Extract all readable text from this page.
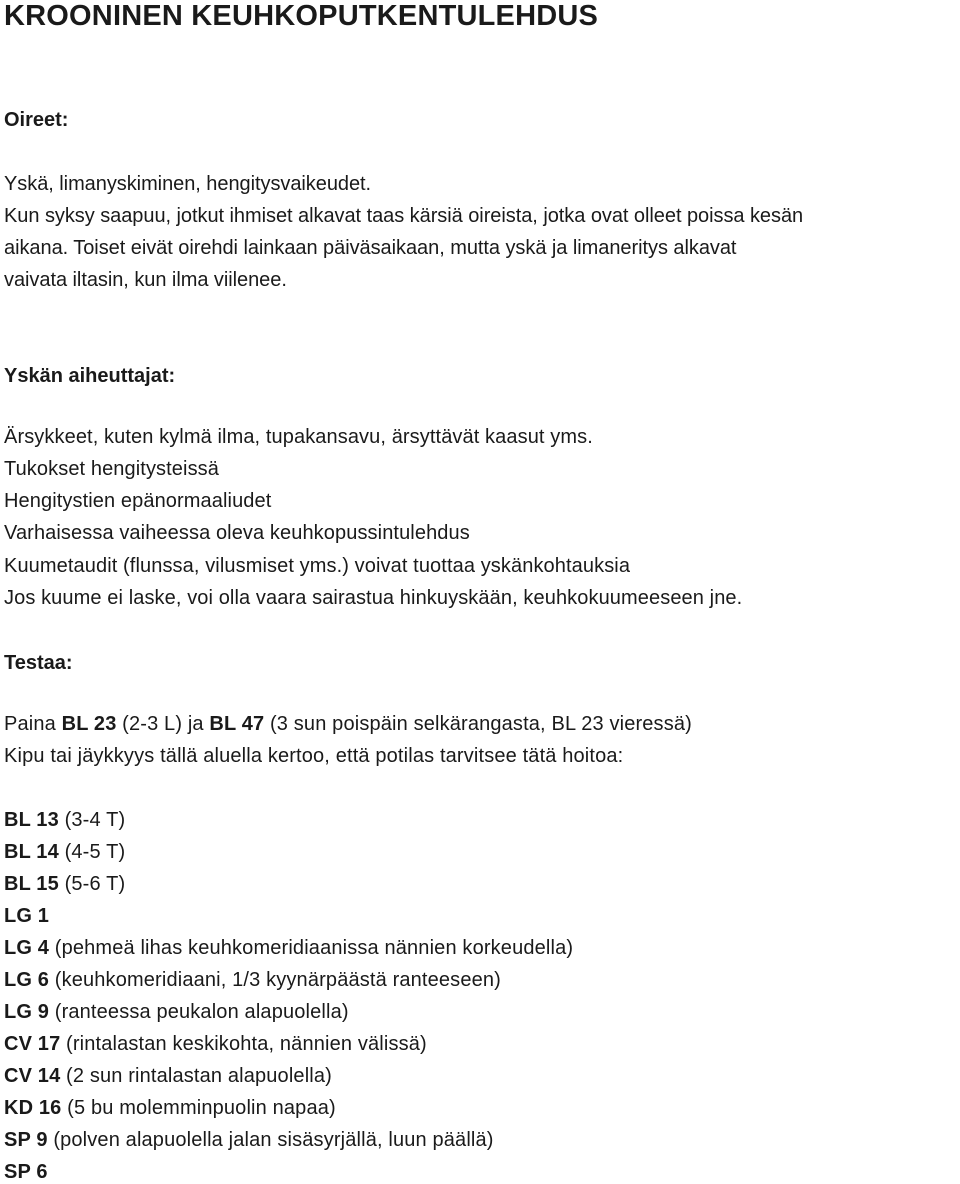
KROONINEN KEUHKOPUTKENTULEHDUS
Oireet:
Yskä, limanyskiminen, hengitysvaikeudet.
Kun syksy saapuu, jotkut ihmiset alkavat taas kärsiä oireista, jotka ovat olleet poissa kesän
aikana. Toiset eivät oirehdi lainkaan päiväsaikaan, mutta yskä ja limaneritys alkavat
vaivata iltasin, kun ilma viilenee.
Yskän aiheuttajat:
Ärsykkeet, kuten kylmä ilma, tupakansavu, ärsyttävät kaasut yms.
Tukokset hengitysteissä
Hengitystien epänormaaliudet
Varhaisessa vaiheessa oleva keuhkopussintulehdus
Kuumetaudit (flunssa, vilusmiset yms.) voivat tuottaa yskänkohtauksia
Jos kuume ei laske, voi olla vaara sairastua hinkuyskään, keuhkokuumeeseen jne.
Testaa:
Paina BL 23 (2-3 L) ja BL 47 (3 sun poispäin selkärangasta, BL 23 vieressä)
Kipu tai jäykkyys tällä aluella kertoo, että potilas tarvitsee tätä hoitoa:
BL 13 (3-4 T)
BL 14 (4-5 T)
BL 15 (5-6 T)
LG 1
LG 4 (pehmeä lihas keuhkomeridiaanissa nännien korkeudella)
LG 6 (keuhkomeridiaani, 1/3 kyynärpäästä ranteeseen)
LG 9 (ranteessa peukalon alapuolella)
CV 17 (rintalastan keskikohta, nännien välissä)
CV 14 (2 sun rintalastan alapuolella)
KD 16 (5 bu molemminpuolin napaa)
SP 9 (polven alapuolella jalan sisäsyrjällä, luun päällä)
SP 6
